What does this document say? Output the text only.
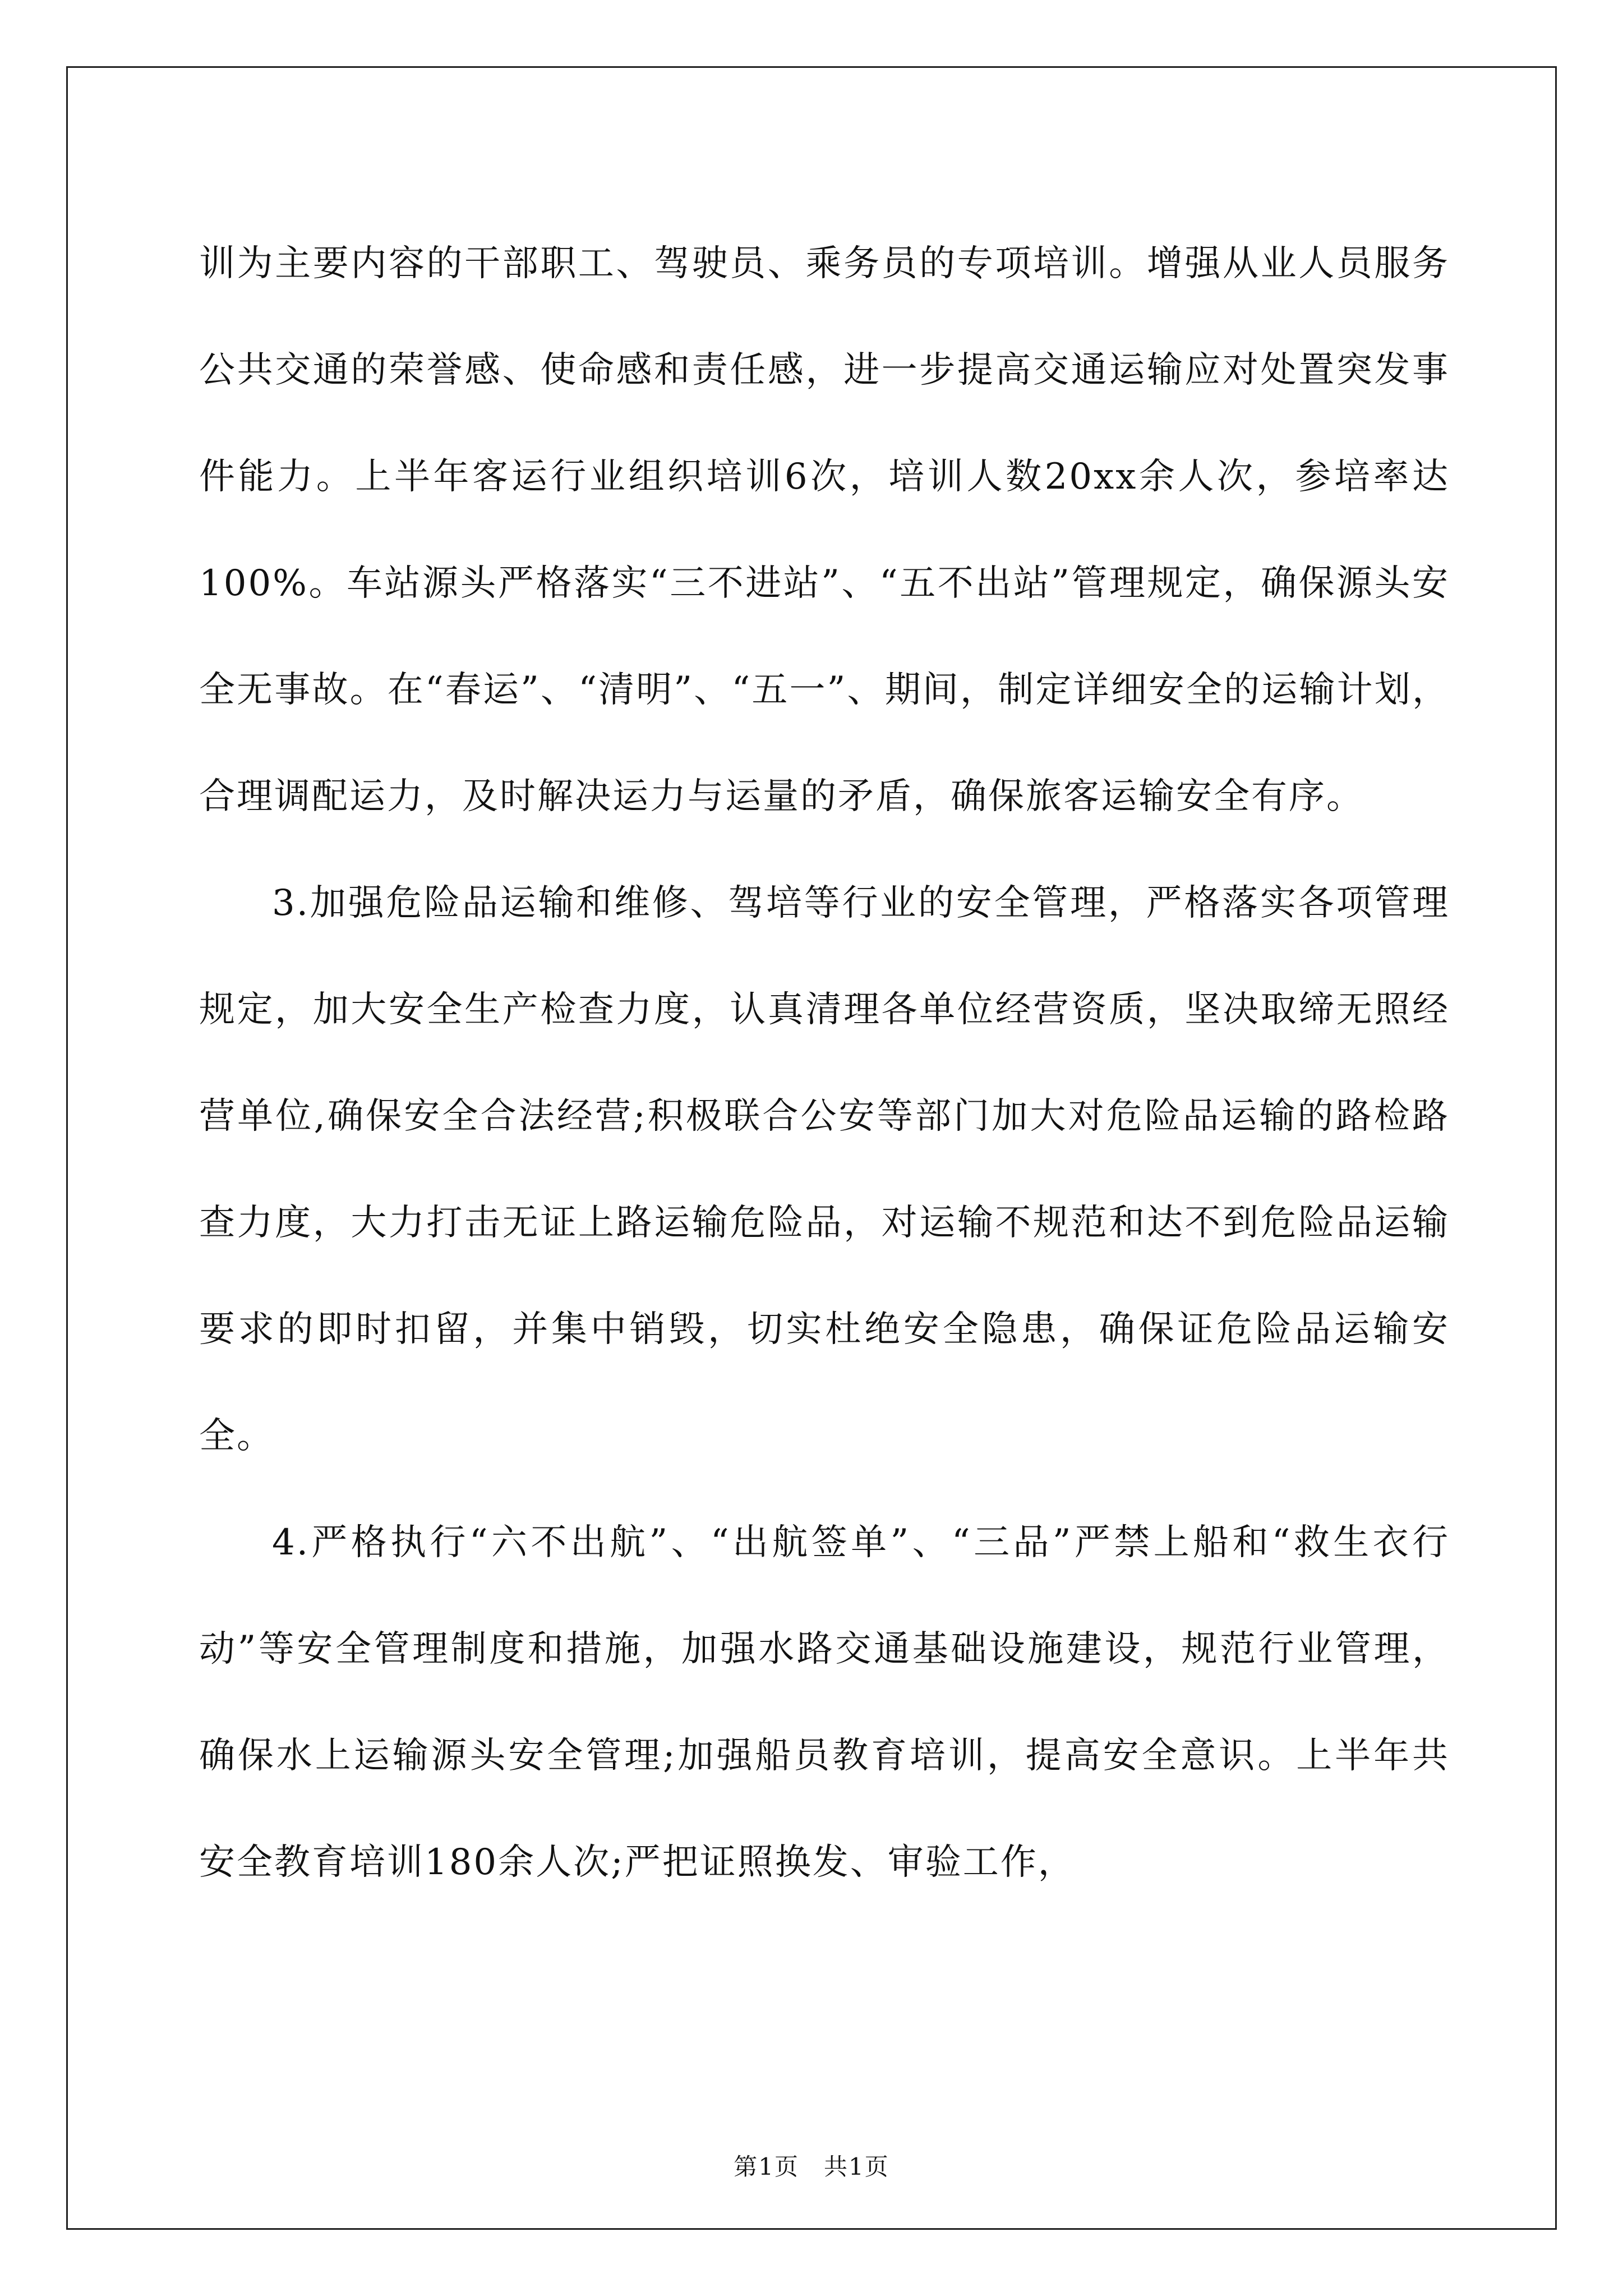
训为主要内容的干部职工、驾驶员、乘务员的专项培训。增强从业人员服务公共交通的荣誉感、使命感和责任感，进一步提高交通运输应对处置突发事件能力。上半年客运行业组织培训6次，培训人数20xx余人次，参培率达100%。车站源头严格落实“三不进站”、“五不出站”管理规定，确保源头安全无事故。在“春运”、“清明”、“五一”、期间，制定详细安全的运输计划，合理调配运力，及时解决运力与运量的矛盾，确保旅客运输安全有序。

3.加强危险品运输和维修、驾培等行业的安全管理，严格落实各项管理规定，加大安全生产检查力度，认真清理各单位经营资质，坚决取缔无照经营单位,确保安全合法经营;积极联合公安等部门加大对危险品运输的路检路查力度，大力打击无证上路运输危险品，对运输不规范和达不到危险品运输要求的即时扣留，并集中销毁，切实杜绝安全隐患，确保证危险品运输安全。

4.严格执行“六不出航”、“出航签单”、“三品”严禁上船和“救生衣行动”等安全管理制度和措施，加强水路交通基础设施建设，规范行业管理，确保水上运输源头安全管理;加强船员教育培训，提高安全意识。上半年共安全教育培训180余人次;严把证照换发、审验工作，

第1页　共1页
